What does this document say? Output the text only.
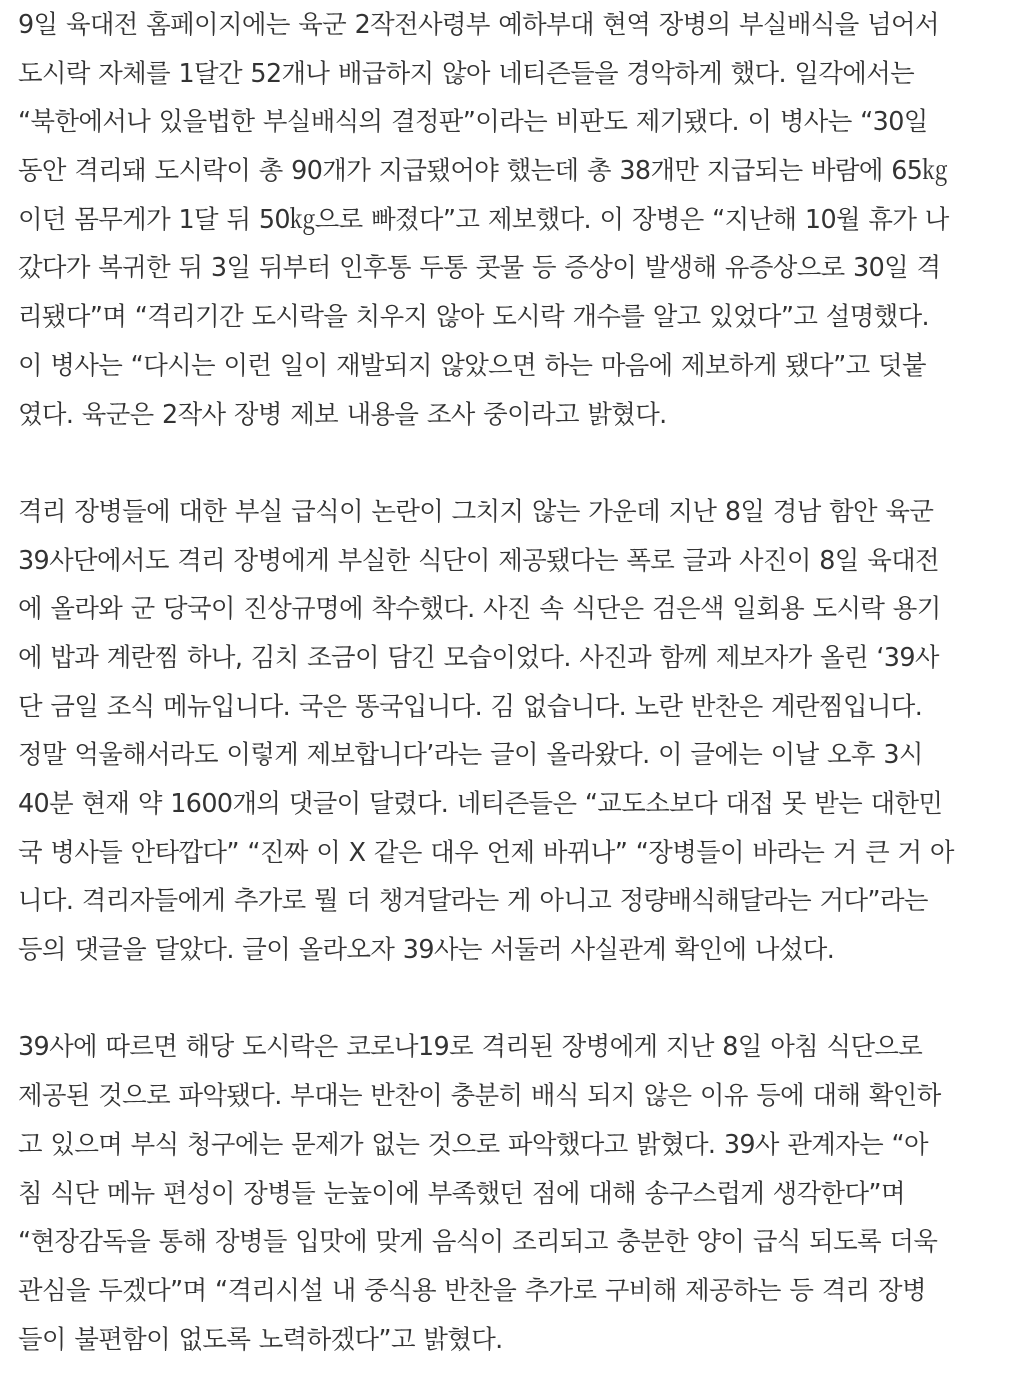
9일 육대전 홈페이지에는 육군 2작전사령부 예하부대 현역 장병의 부실배식을 넘어서
도시락 자체를 1달간 52개나 배급하지 않아 네티즌들을 경악하게 했다. 일각에서는
“북한에서나 있을법한 부실배식의 결정판”이라는 비판도 제기됐다. 이 병사는 “30일
동안 격리돼 도시락이 총 90개가 지급됐어야 했는데 총 38개만 지급되는 바람에 65㎏
이던 몸무게가 1달 뒤 50㎏으로 빠졌다”고 제보했다. 이 장병은 “지난해 10월 휴가 나
갔다가 복귀한 뒤 3일 뒤부터 인후통 두통 콧물 등 증상이 발생해 유증상으로 30일 격
리됐다”며 “격리기간 도시락을 치우지 않아 도시락 개수를 알고 있었다”고 설명했다.
이 병사는 “다시는 이런 일이 재발되지 않았으면 하는 마음에 제보하게 됐다”고 덧붙
였다. 육군은 2작사 장병 제보 내용을 조사 중이라고 밝혔다.
격리 장병들에 대한 부실 급식이 논란이 그치지 않는 가운데 지난 8일 경남 함안 육군
39사단에서도 격리 장병에게 부실한 식단이 제공됐다는 폭로 글과 사진이 8일 육대전
에 올라와 군 당국이 진상규명에 착수했다. 사진 속 식단은 검은색 일회용 도시락 용기
에 밥과 계란찜 하나, 김치 조금이 담긴 모습이었다. 사진과 함께 제보자가 올린 ‘39사
단 금일 조식 메뉴입니다. 국은 똥국입니다. 김 없습니다. 노란 반찬은 계란찜입니다.
정말 억울해서라도 이렇게 제보합니다’라는 글이 올라왔다. 이 글에는 이날 오후 3시
40분 현재 약 1600개의 댓글이 달렸다. 네티즌들은 “교도소보다 대접 못 받는 대한민
국 병사들 안타깝다” “진짜 이 X 같은 대우 언제 바뀌나” “장병들이 바라는 거 큰 거 아
니다. 격리자들에게 추가로 뭘 더 챙겨달라는 게 아니고 정량배식해달라는 거다”라는
등의 댓글을 달았다. 글이 올라오자 39사는 서둘러 사실관계 확인에 나섰다.
39사에 따르면 해당 도시락은 코로나19로 격리된 장병에게 지난 8일 아침 식단으로
제공된 것으로 파악됐다. 부대는 반찬이 충분히 배식 되지 않은 이유 등에 대해 확인하
고 있으며 부식 청구에는 문제가 없는 것으로 파악했다고 밝혔다. 39사 관계자는 “아
침 식단 메뉴 편성이 장병들 눈높이에 부족했던 점에 대해 송구스럽게 생각한다”며
“현장감독을 통해 장병들 입맛에 맞게 음식이 조리되고 충분한 양이 급식 되도록 더욱
관심을 두겠다”며 “격리시설 내 중식용 반찬을 추가로 구비해 제공하는 등 격리 장병
들이 불편함이 없도록 노력하겠다”고 밝혔다.
